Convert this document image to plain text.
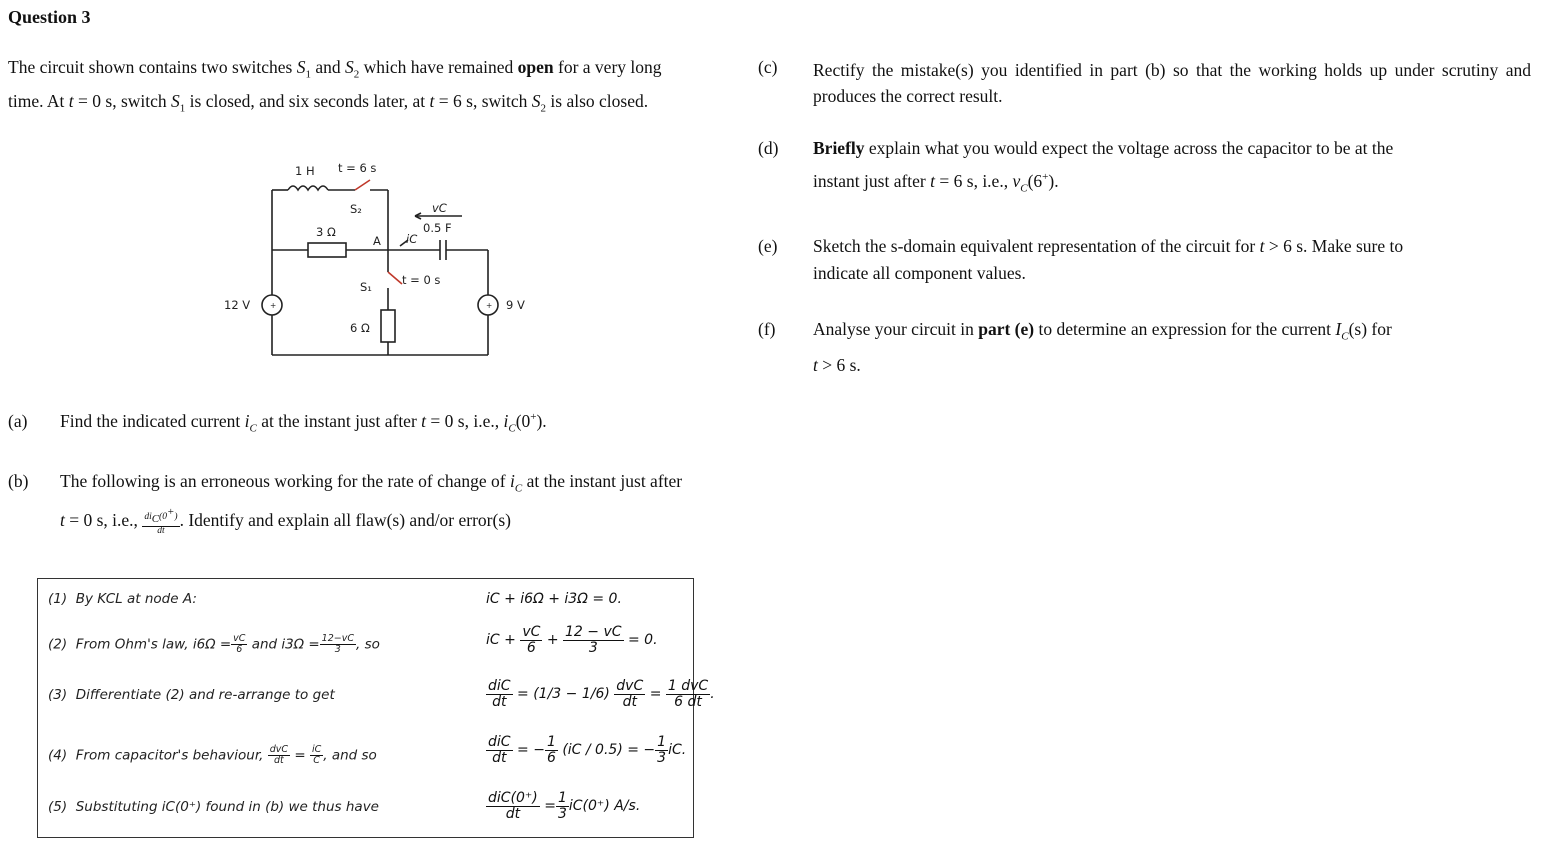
Question 3
The circuit shown contains two switches $S_1$ and $S_2$ which have remained open for a very long
time. At t = 0 s, switch $S_1$ is closed, and six seconds later, at t = 6 s, switch $S_2$ is also closed.
+	+
1 H t = 6 s
S₂
3 Ω
A iC
vC
0.5 F
S₁	t = 0 s
12 V	9 V
6 Ω
(a) Find the indicated current $i_C$ at the instant just after t = 0 s, i.e., $i_C(0^+)$.
(b) The following is an erroneous working for the rate of change of $i_C$ at the instant just after
t = 0 s, i.e., $\frac{di_C(0^+)}{dt}$ . Identify and explain all flaw(s) and/or error(s)
(1) By KCL at node A:	iC + i6Ω + i3Ω = 0.
(2) From Ohm's law, $i6\Omega = \frac{vC}{6}$ and $i3\Omega = \frac{12-vC}{3}$ , so	iC + $\frac{vC}{6} + \frac{12 - vC}{3} = 0$.
(3) Differentiate (2) and re-arrange to get	$\frac{\text{diC}}{dt} = (1/3 - 1/6) \frac{\text{dvC}}{dt} = \frac{\text{1 dvC}}{6 dt}$ .
(4) From capacitor's behaviour, $\frac{\text{dvC}}{dt} = \frac{iC}{C}$ , and so	$\frac{\text{diC}}{dt}$ = − $\frac{1}{6} (iC / 0.5)$ = − $\frac{1}{3}$ iC.
(5) Substituting iC(0⁺) found in (b) we thus have	$\frac{\text{diC(0⁺)}}{dt} = \frac{1}{3} iC(0^+)$ A/s.
(c) Rectify the mistake(s) you identified in part (b) so that the working holds up under scrutiny and produces the correct result.
(d) Briefly explain what you would expect the voltage across the capacitor to be at the
instant just after t = 6 s, i.e., $v_C(6^+)$.
(e) Sketch the s-domain equivalent representation of the circuit for t > 6 s. Make sure to
indicate all component values.
(f) Analyse your circuit in part (e) to determine an expression for the current $I_C(s)$ for
t > 6 s.
